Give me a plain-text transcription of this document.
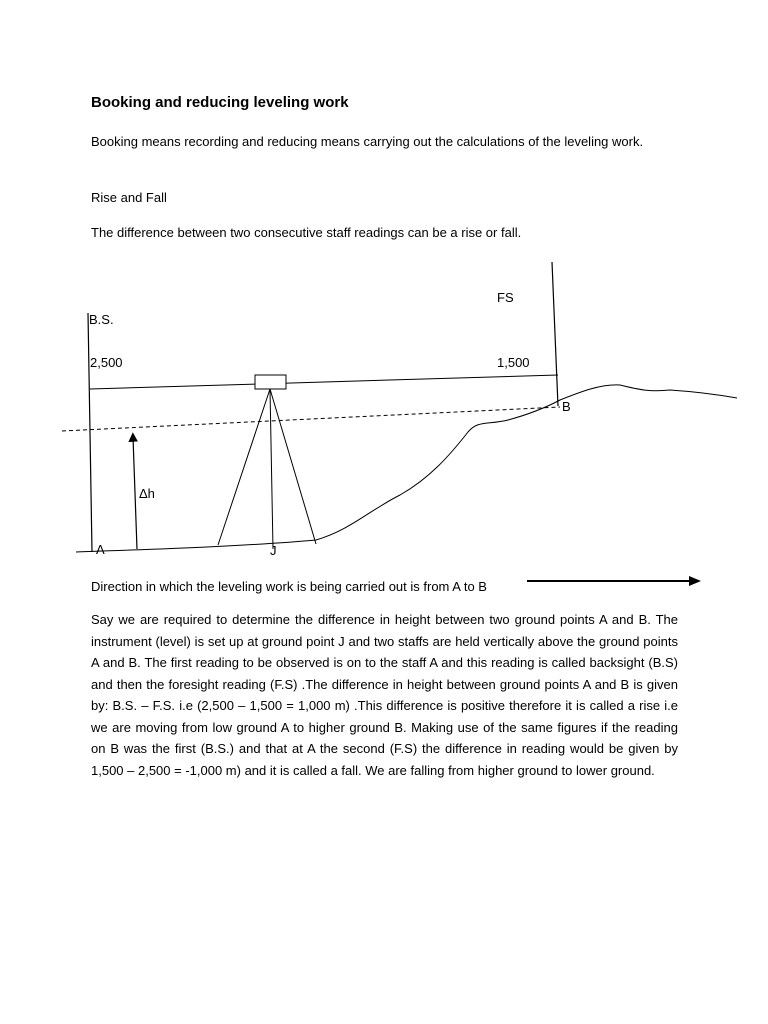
Booking and reducing leveling work

Booking means recording and reducing means carrying out the calculations of the leveling work.

Rise and Fall

The difference between two consecutive staff readings can be a rise or fall.

B.S.
2,500
FS
1,500
Δh
A
B
J

Direction in which the leveling work is being carried out is from A to B

Say we are required to determine the difference in height between two ground points A and B. The instrument (level) is set up at ground point J and two staffs are held vertically above the ground points A and B. The first reading to be observed is on to the staff A and this reading is called backsight (B.S) and then the foresight reading (F.S) .The difference in height between ground points A and B is given by: B.S. – F.S. i.e (2,500 – 1,500 = 1,000 m) .This difference is positive therefore it is called a rise i.e we are moving from low ground A to higher ground B. Making use of the same figures if the reading on B was the first (B.S.) and that at A the second (F.S) the difference in reading would be given by 1,500 – 2,500 = -1,000 m) and it is called a fall. We are falling from higher ground to lower ground.
